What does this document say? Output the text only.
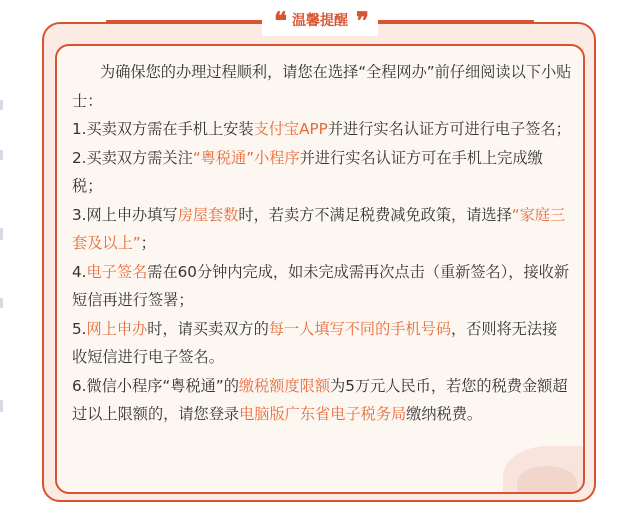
❝ 温馨提醒 ❞

为确保您的办理过程顺利，请您在选择“全程网办”前仔细阅读以下小贴士：

1.买卖双方需在手机上安装支付宝APP并进行实名认证方可进行电子签名；

2.买卖双方需关注“粤税通”小程序并进行实名认证方可在手机上完成缴税；

3.网上申办填写房屋套数时，若卖方不满足税费减免政策，请选择“家庭三套及以上”；

4.电子签名需在60分钟内完成，如未完成需再次点击（重新签名），接收新短信再进行签署；

5.网上申办时，请买卖双方的每一人填写不同的手机号码，否则将无法接收短信进行电子签名。

6.微信小程序“粤税通”的缴税额度限额为5万元人民币，若您的税费金额超过以上限额的，请您登录电脑版广东省电子税务局缴纳税费。
